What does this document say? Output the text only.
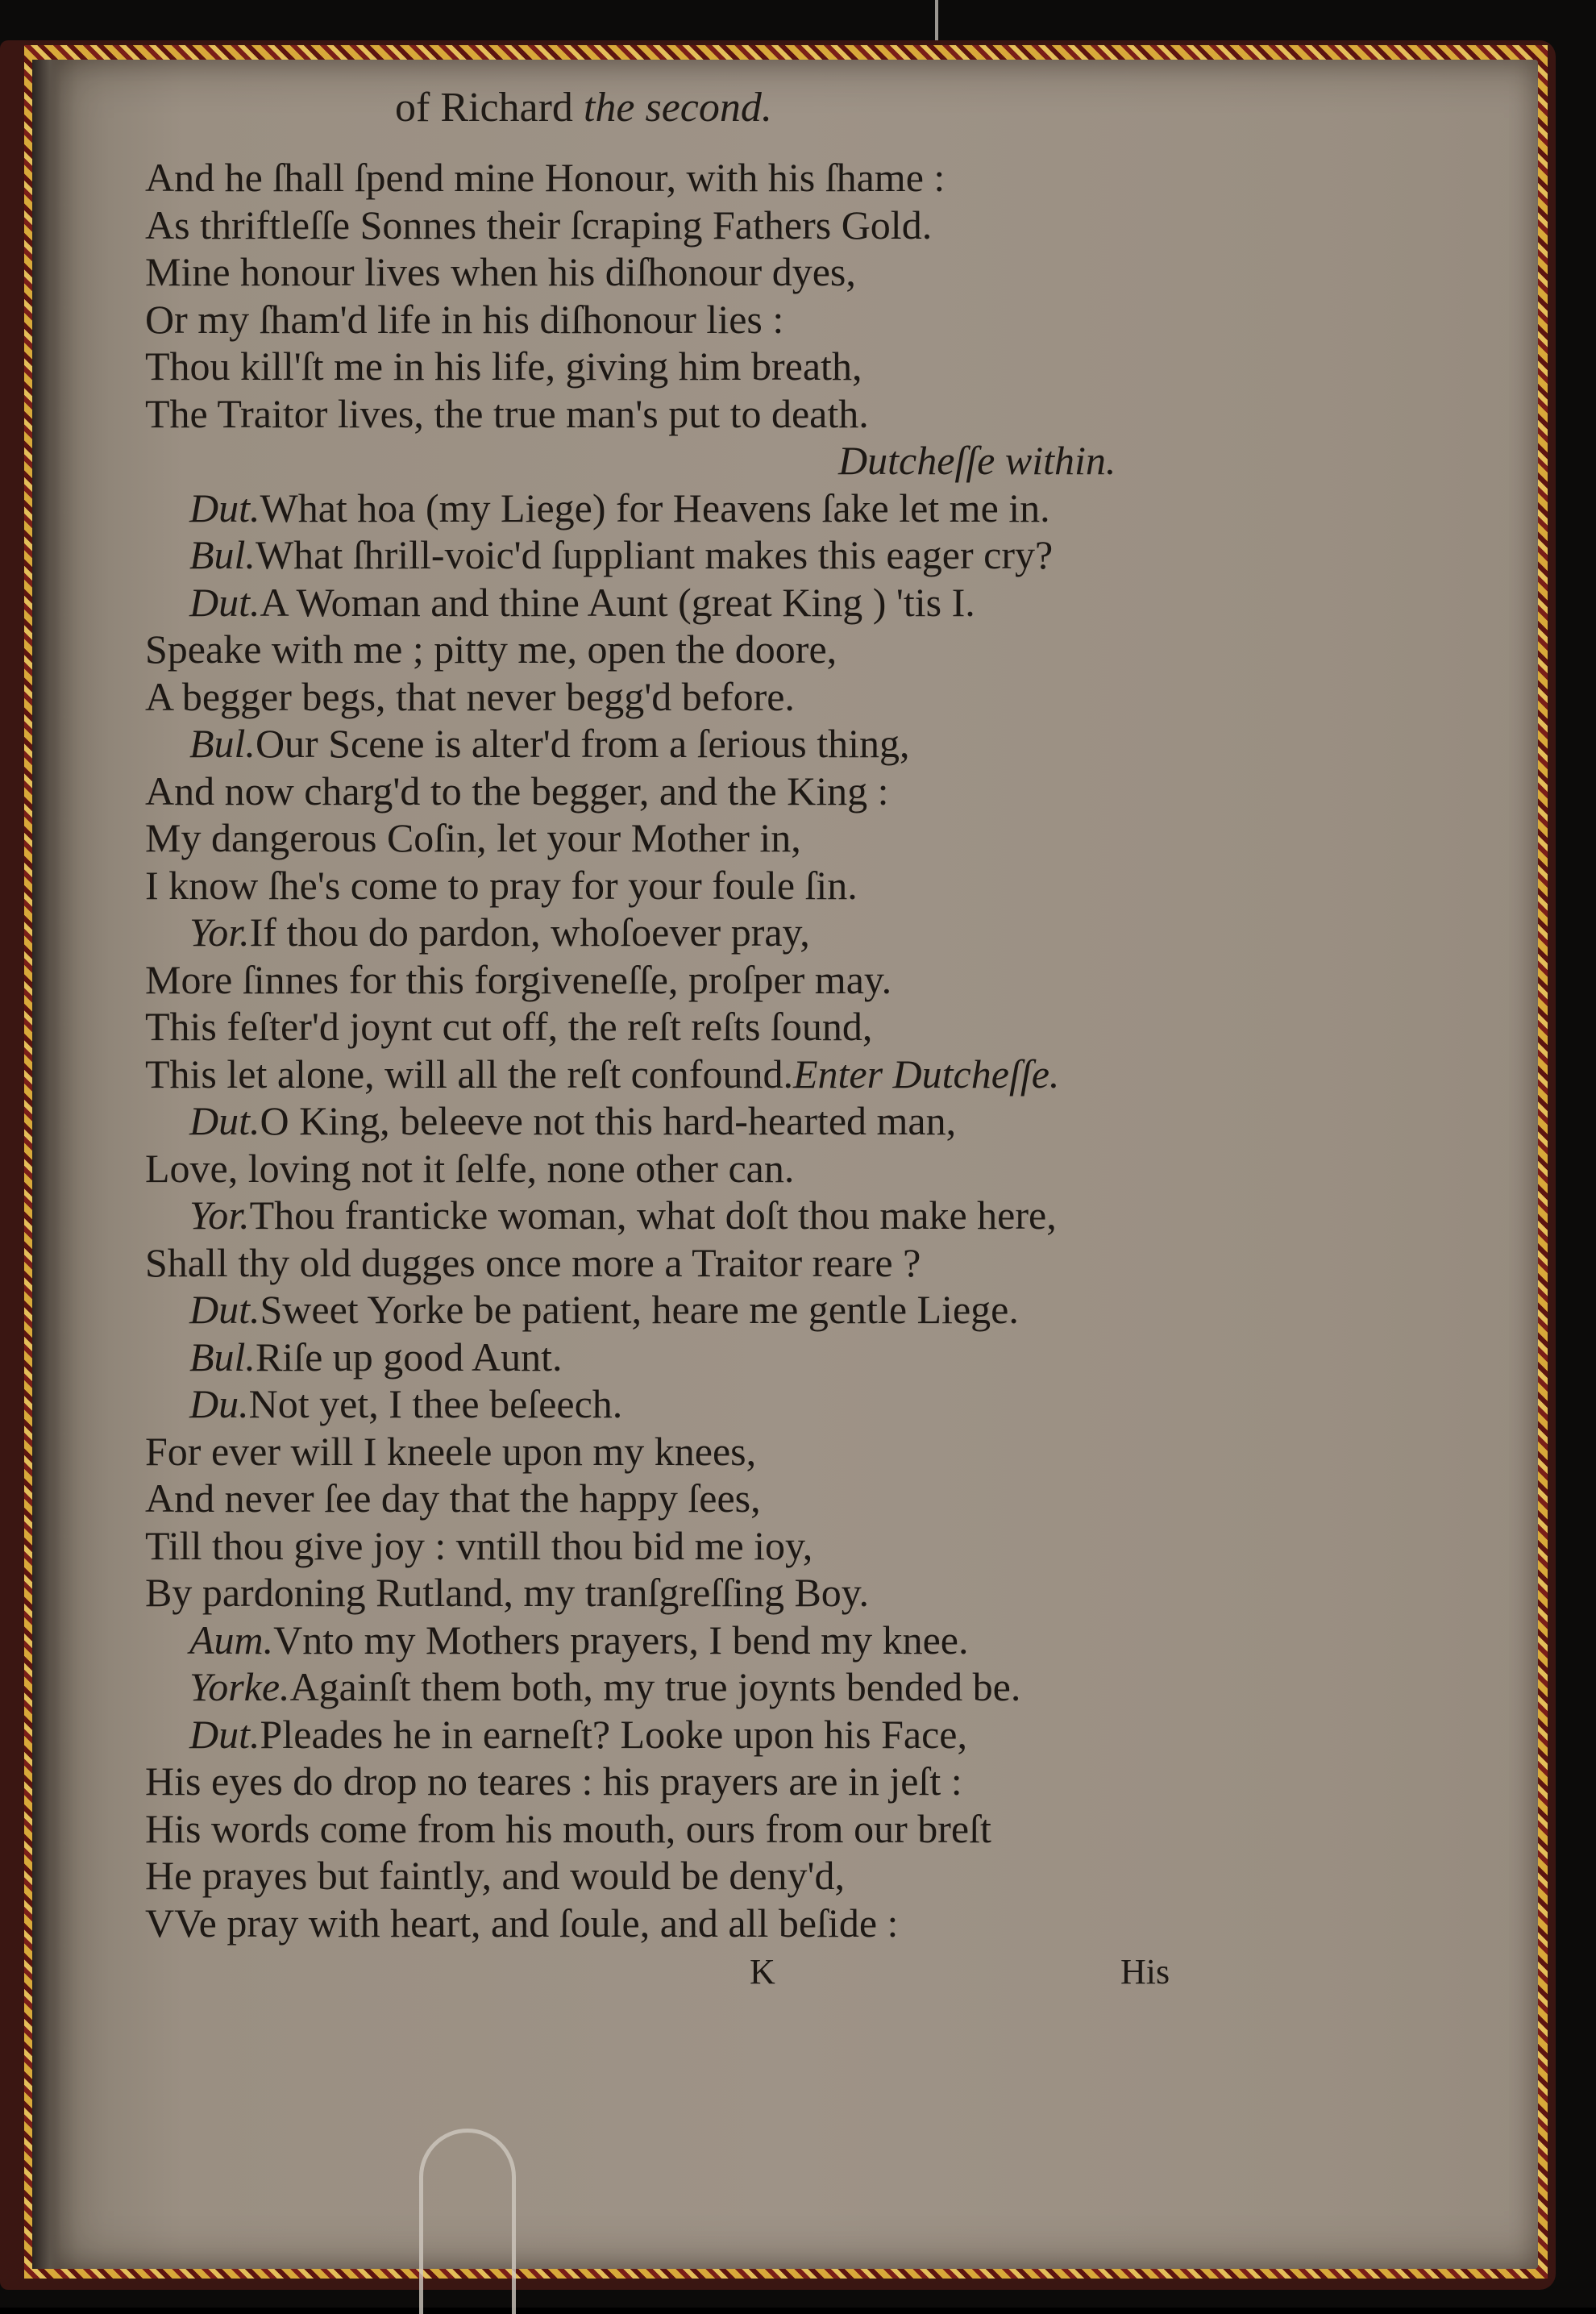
of Richard the second.
And he ſhall ſpend mine Honour, with his ſhame :
As thriftleſſe Sonnes their ſcraping Fathers Gold.
Mine honour lives when his diſhonour dyes,
Or my ſham'd life in his diſhonour lies :
Thou kill'ſt me in his life, giving him breath,
The Traitor lives, the true man's put to death.
Dutcheſſe within.
Dut.What hoa (my Liege) for Heavens ſake let me in.
Bul.What ſhrill-voic'd ſuppliant makes this eager cry?
Dut.A Woman and thine Aunt (great King ) 'tis I.
Speake with me ; pitty me, open the doore,
A begger begs, that never begg'd before.
Bul.Our Scene is alter'd from a ſerious thing,
And now charg'd to the begger, and the King :
My dangerous Coſin, let your Mother in,
I know ſhe's come to pray for your foule ſin.
Yor.If thou do pardon, whoſoever pray,
More ſinnes for this forgiveneſſe, proſper may.
This feſter'd joynt cut off, the reſt reſts ſound,
This let alone, will all the reſt confound.Enter Dutcheſſe.
Dut.O King, beleeve not this hard-hearted man,
Love, loving not it ſelfe, none other can.
Yor.Thou franticke woman, what doſt thou make here,
Shall thy old dugges once more a Traitor reare ?
Dut.Sweet Yorke be patient, heare me gentle Liege.
Bul.Riſe up good Aunt.
Du.Not yet, I thee beſeech.
For ever will I kneele upon my knees,
And never ſee day that the happy ſees,
Till thou give joy : vntill thou bid me ioy,
By pardoning Rutland, my tranſgreſſing Boy.
Aum.Vnto my Mothers prayers, I bend my knee.
Yorke.Againſt them both, my true joynts bended be.
Dut.Pleades he in earneſt? Looke upon his Face,
His eyes do drop no teares : his prayers are in jeſt :
His words come from his mouth, ours from our breſt
He prayes but faintly, and would be deny'd,
VVe pray with heart, and ſoule, and all beſide :
K	His
